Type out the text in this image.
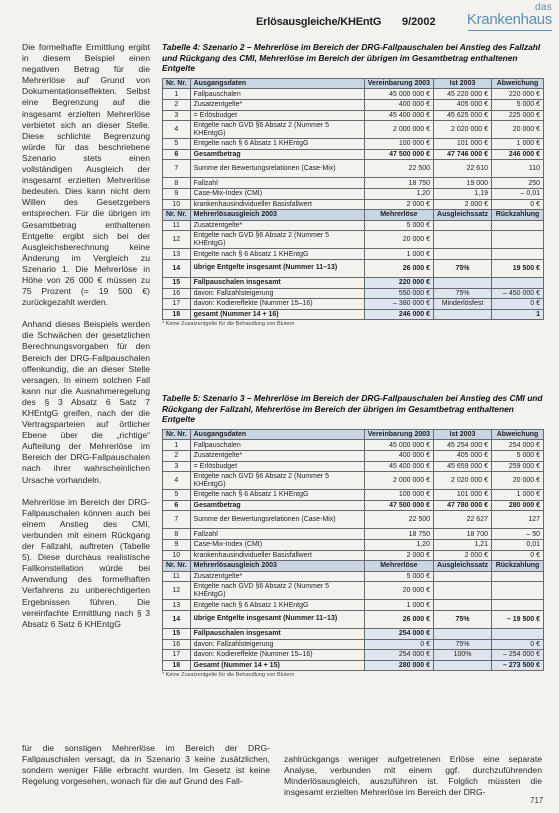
Erlösausgleiche/KHEntG 9/2002
das
Krankenhaus

Die formelhafte Ermittlung ergibt in diesem Beispiel einen negativen Betrag für die Mehrerlöse auf Grund von Dokumentationseffekten. Selbst eine Begrenzung auf die insgesamt erzielten Mehrerlöse verbietet sich an dieser Stelle. Diese schlichte Begrenzung würde für das beschriebene Szenario stets einen vollständigen Ausgleich der insgesamt erzielten Mehrerlöse bedeuten. Dies kann nicht dem Willen des Gesetzgebers entsprechen. Für die übrigen im Gesamtbetrag enthaltenen Entgelte ergibt sich bei der Ausgleichsberechnung keine Änderung im Vergleich zu Szenario 1. Die Mehrerlöse in Höhe von 26 000 € müssen zu 75 Prozent (= 19 500 €) zurückgezahlt werden.

Anhand dieses Beispiels werden die Schwächen der gesetzlichen Berechnungsvorgaben für den Bereich der DRG-Fallpauschalen offenkundig, die an dieser Stelle versagen. In einem solchen Fall kann nur die Ausnahmeregelung des § 3 Absatz 6 Satz 7 KHEntgG greifen, nach der die Vertragsparteien auf örtlicher Ebene über die „richtige“ Aufteilung der Mehrerlöse im Bereich der DRG-Fallpauschalen nach ihrer wahrscheinlichen Ursache vorhandeln.

Mehrerlöse im Bereich der DRG-Fallpauschalen können auch bei einem Anstieg des CMI, verbunden mit einem Rückgang der Fallzahl, auftreten (Tabelle 5). Diese durchaus realistische Fallkonstellation würde bei Anwendung des formelhaften Verfahrens zu unberechtigerten Ergebnissen führen. Die vereinfachte Ermittlung nach § 3 Absatz 6 Satz 6 KHEntgG

Tabelle 4: Szenario 2 – Mehrerlöse im Bereich der DRG-Fallpauschalen bei Anstieg des Fallzahl und Rückgang des CMI, Mehrerlöse im Bereich der übrigen im Gesamtbetrag enthaltenen Entgelte

Nr. Nr.	Ausgangsdaten	Vereinbarung 2003	Ist 2003	Abweichung
1	Fallpauschalen	45 000 000 €	45 220 000 €	220 000 €
2	Zusatzentgelte*	400 000 €	405 000 €	5 000 €
3	= Erlösbudget	45 400 000 €	45 625 000 €	225 000 €
4	Entgelte nach GVD §6 Absatz 2 (Nummer 5 KHEntgG)	2 000 000 €	2 020 000 €	20 000 €
5	Entgelte nach § 6 Absatz 1 KHEntgG	100 000 €	101 000 €	1 000 €
6	Gesamtbetrag	47 500 000 €	47 746 000 €	246 000 €
7	Summe der Bewertungsrelationen (Case-Mix)	22 500	22 610	110
8	Fallzahl	18 750	19 000	250
9	Case-Mix-Index (CMI)	1,20	1,19	– 0,01
10	krankenhausindividueller Basisfallwert	2 000 €	2 000 €	0 €
Nr. Nr.	Mehrerlösausgleich 2003	Mehrerlöse	Ausgleichssatz	Rückzahlung
11	Zusatzentgelte*	5 000 €		
12	Entgelte nach GVD §6 Absatz 2 (Nummer 5 KHEntgG)	20 000 €		
13	Entgelte nach § 6 Absatz 1 KHEntgG	1 000 €		
14	übrige Entgelte insgesamt (Nummer 11–13)	26 000 €	75%	19 500 €
15	Fallpauschalen insgesamt	220 000 €		
16	davon: Fallzahlsteigerung	550 000 €	75%	– 450 000 €
17	davon: Kodiereffekte (Nummer 15–16)	– 380 000 €	Minderlösfest	0 €
18	gesamt (Nummer 14 + 16)	246 000 €		1

* Keine Zusatzentgelte für die Behandlung von Blutern

Tabelle 5: Szenario 3 – Mehrerlöse im Bereich der DRG-Fallpauschalen bei Anstieg des CMI und Rückgang der Fallzahl, Mehrerlöse im Bereich der übrigen im Gesamtbetrag enthaltenen Entgelte

Nr. Nr.	Ausgangsdaten	Vereinbarung 2003	Ist 2003	Abweichung
1	Fallpauschalen	45 000 000 €	45 254 000 €	254 000 €
2	Zusatzentgelte*	400 000 €	405 000 €	5 000 €
3	= Erlösbudget	45 400 000 €	45 659 000 €	259 000 €
4	Entgelte nach GVD §6 Absatz 2 (Nummer 5 KHEntgG)	2 000 000 €	2 020 000 €	20 000 €
5	Entgelte nach § 6 Absatz 1 KHEntgG	100 000 €	101 000 €	1 000 €
6	Gesamtbetrag	47 500 000 €	47 780 000 €	280 000 €
7	Summe der Bewertungsrelationen (Case-Mix)	22 500	22 627	127
8	Fallzahl	18 750	18 700	– 50
9	Case-Mix-Index (CMI)	1,20	1,21	0,01
10	krankenhausindividueller Basisfallwert	2 000 €	2 000 €	0 €
Nr. Nr.	Mehrerlösausgleich 2003	Mehrerlöse	Ausgleichssatz	Rückzahlung
11	Zusatzentgelte*	5 000 €		
12	Entgelte nach GVD §6 Absatz 2 (Nummer 5 KHEntgG)	20 000 €		
13	Entgelte nach § 6 Absatz 1 KHEntgG	1 000 €		
14	übrige Entgelte insgesamt (Nummer 11–13)	26 000 €	75%	– 19 500 €
15	Fallpauschalen insgesamt	254 000 €		
16	davon: Fallzahlsteigerung	0 €	75%	0 €
17	davon: Kodiereffekte (Nummer 15–16)	254 000 €	100%	– 254 000 €
18	Gesamt (Nummer 14 + 15)	280 000 €		– 273 500 €

* Keine Zusatzentgelte für die Behandlung von Blutern

für die sonstigen Mehrerlöse im Bereich der DRG-Fallpauschalen versagt, da in Szenario 3 keine zusätzlichen, sondern weniger Fälle erbracht wurden. Im Gesetz ist keine Regelung vorgesehen, wonach für die auf Grund des Fall-

zahlrückgangs weniger aufgetretenen Erlöse eine separate Analyse, verbunden mit einem ggf. durchzuführenden Minderlösausgleich, auszuführen ist. Folglich müssten die insgesamt erzielten Mehrerlöse im Bereich der DRG-

717
